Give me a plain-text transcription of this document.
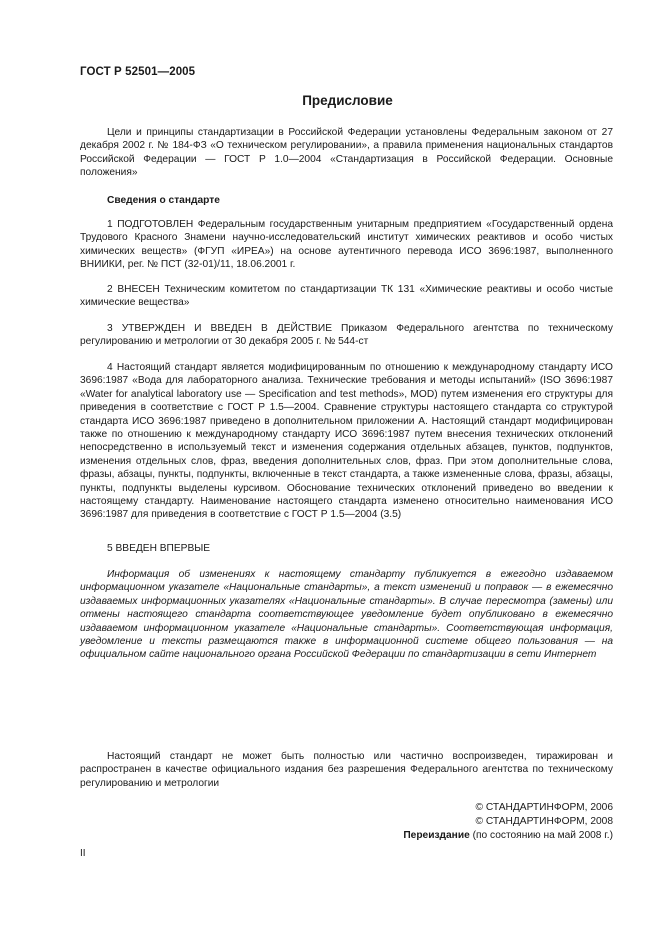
ГОСТ Р 52501—2005
Предисловие

Цели и принципы стандартизации в Российской Федерации установлены Федеральным законом от 27 декабря 2002 г. № 184-ФЗ «О техническом регулировании», а правила применения национальных стандартов Российской Федерации — ГОСТ Р 1.0—2004 «Стандартизация в Российской Федерации. Основные положения»

Сведения о стандарте

1 ПОДГОТОВЛЕН Федеральным государственным унитарным предприятием «Государственный ордена Трудового Красного Знамени научно-исследовательский институт химических реактивов и особо чистых химических веществ» (ФГУП «ИРЕА») на основе аутентичного перевода ИСО 3696:1987, выполненного ВНИИКИ, рег. № ПСТ (32-01)/11, 18.06.2001 г.

2 ВНЕСЕН Техническим комитетом по стандартизации ТК 131 «Химические реактивы и особо чистые химические вещества»

3 УТВЕРЖДЕН И ВВЕДЕН В ДЕЙСТВИЕ Приказом Федерального агентства по техническому регулированию и метрологии от 30 декабря 2005 г. № 544-ст

4 Настоящий стандарт является модифицированным по отношению к международному стандарту ИСО 3696:1987 «Вода для лабораторного анализа. Технические требования и методы испытаний» (ISO 3696:1987 «Water for analytical laboratory use — Specification and test methods», MOD) путем изменения его структуры для приведения в соответствие с ГОСТ Р 1.5—2004. Сравнение структуры настоящего стандарта со структурой стандарта ИСО 3696:1987 приведено в дополнительном приложении А. Настоящий стандарт модифицирован также по отношению к международному стандарту ИСО 3696:1987 путем внесения технических отклонений непосредственно в используемый текст и изменения содержания отдельных абзацев, пунктов, подпунктов, изменения отдельных слов, фраз, введения дополнительных слов, фраз. При этом дополнительные слова, фразы, абзацы, пункты, подпункты, включенные в текст стандарта, а также измененные слова, фразы, абзацы, пункты, подпункты выделены курсивом. Обоснование технических отклонений приведено во введении к настоящему стандарту. Наименование настоящего стандарта изменено относительно наименования ИСО 3696:1987 для приведения в соответствие с ГОСТ Р 1.5—2004 (3.5)

5 ВВЕДЕН ВПЕРВЫЕ

Информация об изменениях к настоящему стандарту публикуется в ежегодно издаваемом информационном указателе «Национальные стандарты», а текст изменений и поправок — в ежемесячно издаваемых информационных указателях «Национальные стандарты». В случае пересмотра (замены) или отмены настоящего стандарта соответствующее уведомление будет опубликовано в ежемесячно издаваемом информационном указателе «Национальные стандарты». Соответствующая информация, уведомление и тексты размещаются также в информационной системе общего пользования — на официальном сайте национального органа Российской Федерации по стандартизации в сети Интернет

Настоящий стандарт не может быть полностью или частично воспроизведен, тиражирован и распространен в качестве официального издания без разрешения Федерального агентства по техническому регулированию и метрологии

© СТАНДАРТИНФОРМ, 2006
© СТАНДАРТИНФОРМ, 2008
Переиздание (по состоянию на май 2008 г.)
II
